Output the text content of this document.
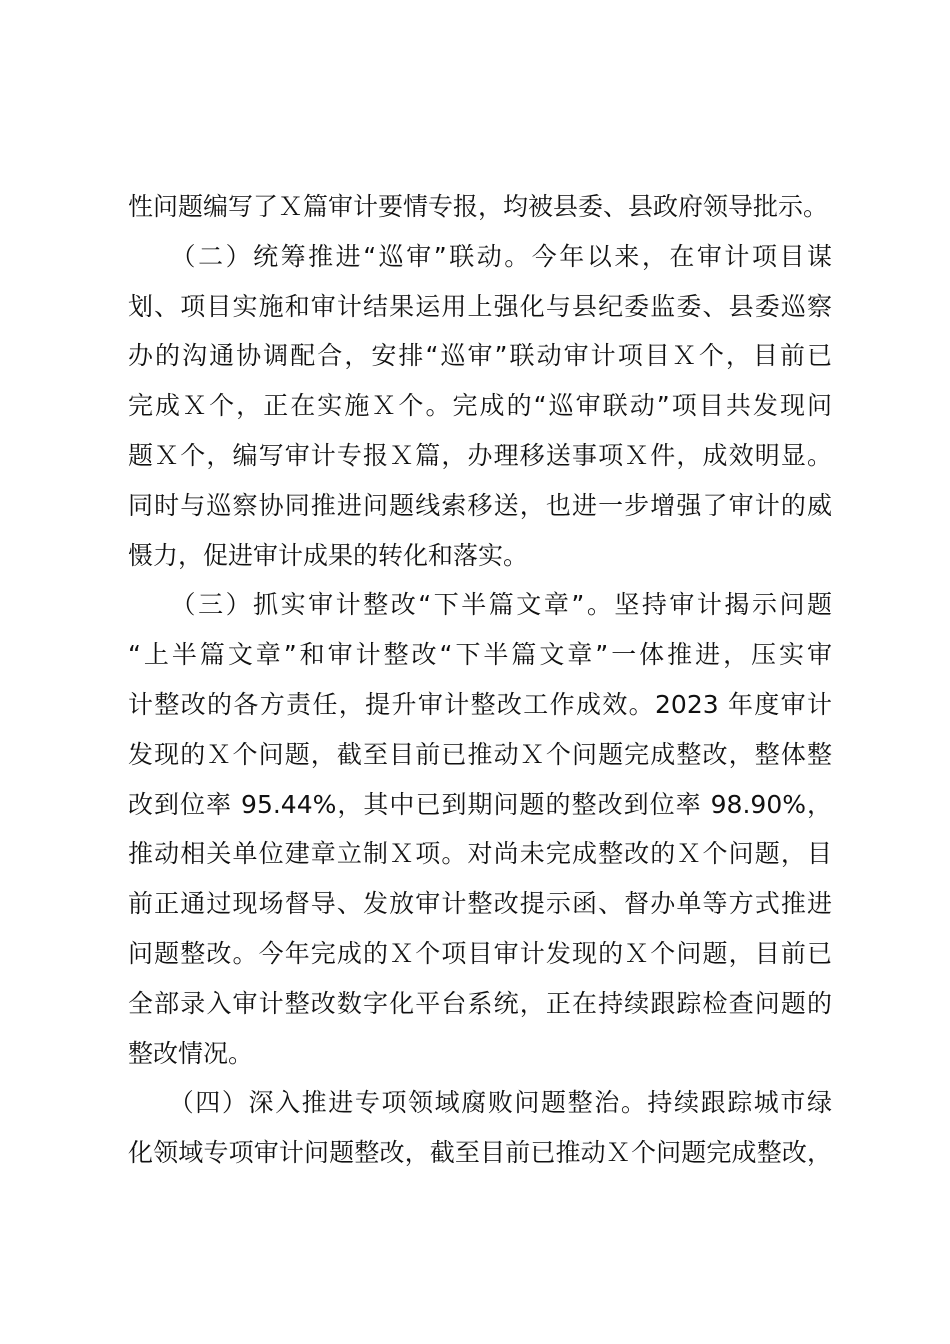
性问题编写了Ｘ篇审计要情专报，均被县委、县政府领导批示。
　　（二）统筹推进“巡审”联动。今年以来，在审计项目谋
划、项目实施和审计结果运用上强化与县纪委监委、县委巡察
办的沟通协调配合，安排“巡审”联动审计项目Ｘ个，目前已
完成Ｘ个，正在实施Ｘ个。完成的“巡审联动”项目共发现问
题Ｘ个，编写审计专报Ｘ篇，办理移送事项Ｘ件，成效明显。
同时与巡察协同推进问题线索移送，也进一步增强了审计的威
慑力，促进审计成果的转化和落实。
　　（三）抓实审计整改“下半篇文章”。坚持审计揭示问题
“上半篇文章”和审计整改“下半篇文章”一体推进，压实审
计整改的各方责任，提升审计整改工作成效。2023 年度审计
发现的Ｘ个问题，截至目前已推动Ｘ个问题完成整改，整体整
改到位率 95.44%，其中已到期问题的整改到位率 98.90%，
推动相关单位建章立制Ｘ项。对尚未完成整改的Ｘ个问题，目
前正通过现场督导、发放审计整改提示函、督办单等方式推进
问题整改。今年完成的Ｘ个项目审计发现的Ｘ个问题，目前已
全部录入审计整改数字化平台系统，正在持续跟踪检查问题的
整改情况。
　　（四）深入推进专项领域腐败问题整治。持续跟踪城市绿
化领域专项审计问题整改，截至目前已推动Ｘ个问题完成整改，
